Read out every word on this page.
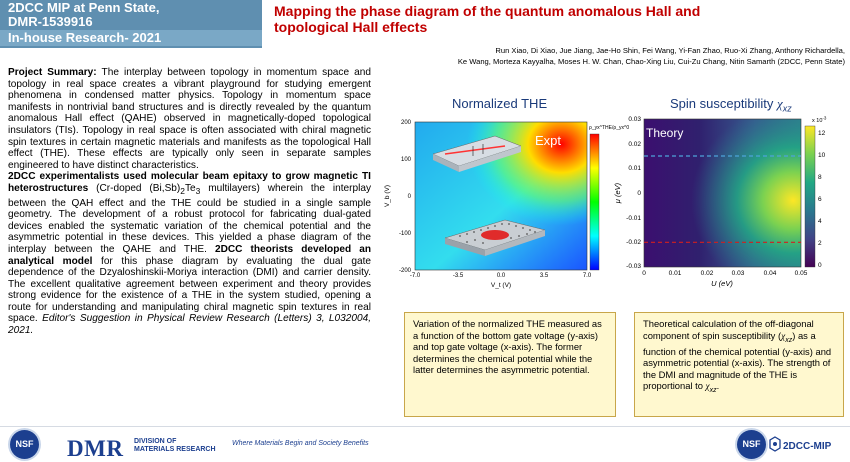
2DCC MIP at Penn State,
DMR-1539916
In-house Research- 2021
Mapping the phase diagram of the quantum anomalous Hall and topological Hall effects
Run Xiao, Di Xiao, Jue Jiang, Jae-Ho Shin, Fei Wang, Yi-Fan Zhao, Ruo-Xi Zhang, Anthony Richardella,
Ke Wang, Morteza Kayyalha, Moses H. W. Chan, Chao-Xing Liu, Cui-Zu Chang, Nitin Samarth (2DCC, Penn State)
Project Summary: The interplay between topology in momentum space and topology in real space creates a vibrant playground for studying emergent phenomena in condensed matter physics. Topology in momentum space manifests in nontrivial band structures and is directly revealed by the quantum anomalous Hall effect (QAHE) observed in magnetically-doped topological insulators (TIs). Topology in real space is often associated with chiral magnetic spin textures in certain magnetic materials and manifests as the topological Hall effect (THE). These effects are typically only seen in separate samples engineered to have distinct characteristics.
2DCC experimentalists used molecular beam epitaxy to grow magnetic TI heterostructures (Cr-doped $(Bi,Sb)_2Te_3$ multilayers) wherein the interplay between the QAH effect and the THE could be studied in a single sample geometry. The development of a robust protocol for fabricating dual-gated devices enabled the systematic variation of the chemical potential and the asymmetric potential in these devices. This yielded a phase diagram of the interplay between the QAHE and THE. 2DCC theorists developed an analytical model for this phase diagram by evaluating the dual gate dependence of the Dzyaloshinskii-Moriya interaction (DMI) and carrier density. The excellent qualitative agreement between experiment and theory provides strong evidence for the existence of a THE in the system studied, opening a route for understanding and manipulating chiral magnetic spin textures in real space. Editor's Suggestion in Physical Review Research (Letters) 3, L032004, 2021.
Normalized THE	Spin susceptibility $\chi_{xz}$
Expt
200
100
0
-100
-200
-7.0	-3.5	0.0	3.5	7.0
V_t (V)
V_b (V)
ρ_yx^THE/ρ_yx^0 Theory
0.03
0.02
0.01
0
-0.01
-0.02
-0.03
0	0.01	0.02	0.03	0.04	0.05
U (eV)
μ (eV)
12
10
8
6
4
2
0
x $10^{-3}$
Variation of the normalized THE measured as a function of the bottom gate voltage (y-axis) and top gate voltage (x-axis). The former determines the chemical potential while the latter determines the asymmetric potential.
Theoretical calculation of the off-diagonal component of spin susceptibility $(\chi_{xz})$ as a function of the chemical potential (y-axis) and asymmetric potential (x-axis). The strength of the DMI and magnitude of the THE is proportional to $\chi_{xz}$.
NSF DMR DIVISION OF
MATERIALS RESEARCH
Where Materials Begin and Society Benefits	NSF	2DCC-MIP
